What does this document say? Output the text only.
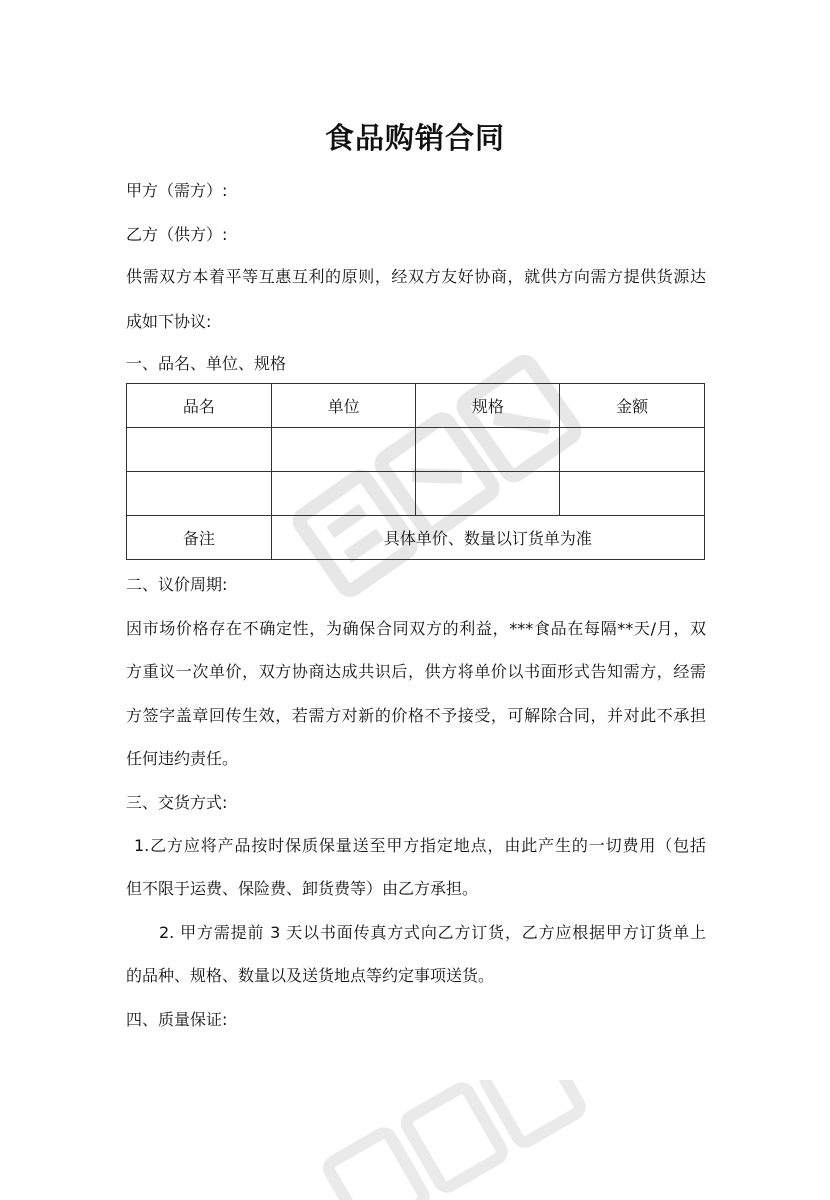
食品购销合同
甲方（需方）:
乙方（供方）:
供需双方本着平等互惠互利的原则，经双方友好协商，就供方向需方提供货源达
成如下协议:
一、品名、单位、规格
品名	单位	规格	金额

备注	具体单价、数量以订货单为准		
二、议价周期:
因市场价格存在不确定性，为确保合同双方的利益，***食品在每隔**天/月，双
方重议一次单价，双方协商达成共识后，供方将单价以书面形式告知需方，经需
方签字盖章回传生效，若需方对新的价格不予接受，可解除合同，并对此不承担
任何违约责任。
三、交货方式:
1.乙方应将产品按时保质保量送至甲方指定地点，由此产生的一切费用（包括
但不限于运费、保险费、卸货费等）由乙方承担。
2. 甲方需提前 3 天以书面传真方式向乙方订货，乙方应根据甲方订货单上
的品种、规格、数量以及送货地点等约定事项送货。
四、质量保证:
